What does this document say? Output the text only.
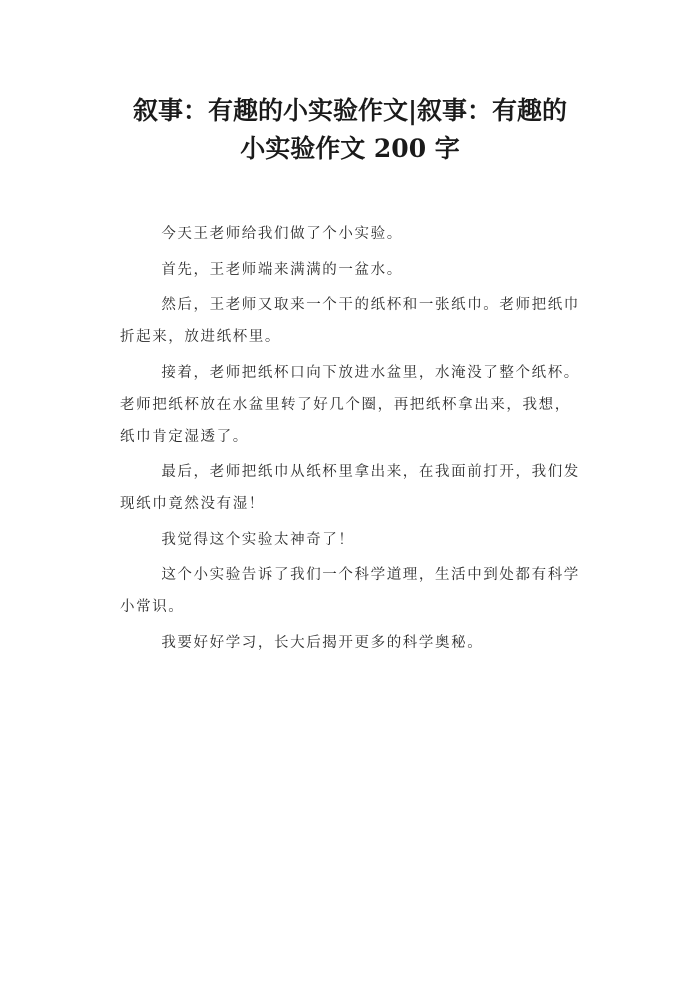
叙事：有趣的小实验作文|叙事：有趣的
小实验作文 200 字

今天王老师给我们做了个小实验。

首先，王老师端来满满的一盆水。

然后，王老师又取来一个干的纸杯和一张纸巾。老师把纸巾折起来，放进纸杯里。

接着，老师把纸杯口向下放进水盆里，水淹没了整个纸杯。老师把纸杯放在水盆里转了好几个圈，再把纸杯拿出来，我想，纸巾肯定湿透了。

最后，老师把纸巾从纸杯里拿出来，在我面前打开，我们发现纸巾竟然没有湿！

我觉得这个实验太神奇了！

这个小实验告诉了我们一个科学道理，生活中到处都有科学小常识。

我要好好学习，长大后揭开更多的科学奥秘。
